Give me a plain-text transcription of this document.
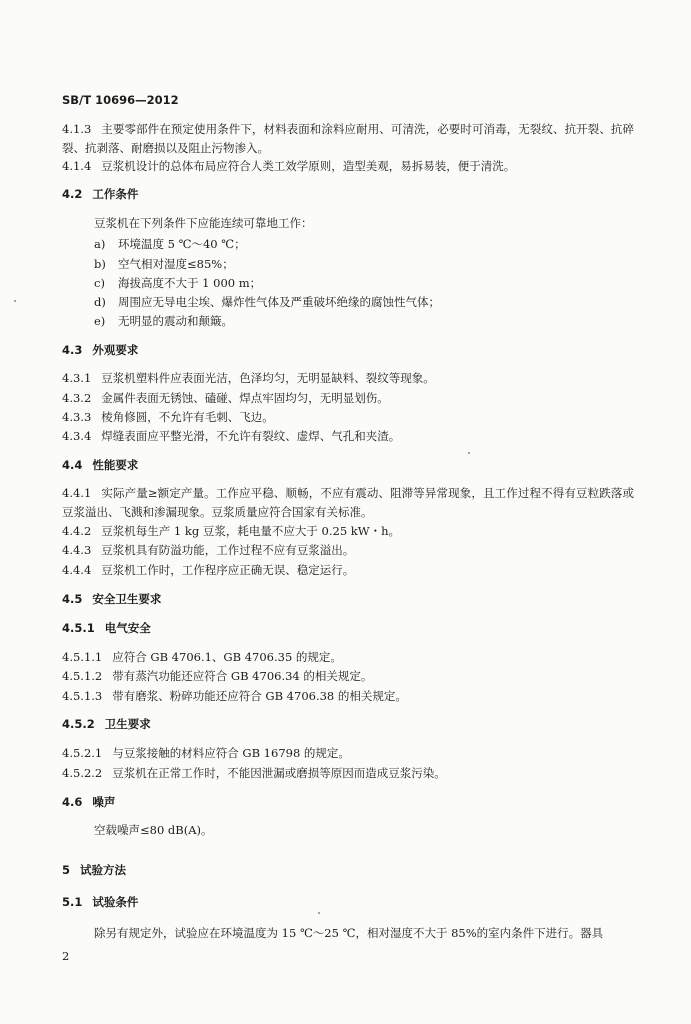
SB/T 10696—2012
4.1.3 主要零部件在预定使用条件下，材料表面和涂料应耐用、可清洗，必要时可消毒，无裂纹、抗开裂、抗碎裂、抗剥落、耐磨损以及阻止污物渗入。
4.1.4 豆浆机设计的总体布局应符合人类工效学原则，造型美观，易拆易装，便于清洗。
4.2 工作条件
豆浆机在下列条件下应能连续可靠地工作：
a) 环境温度 5 ℃～40 ℃；
b) 空气相对湿度≤85%；
c) 海拔高度不大于 1 000 m；
d) 周围应无导电尘埃、爆炸性气体及严重破坏绝缘的腐蚀性气体；
e) 无明显的震动和颠簸。
4.3 外观要求
4.3.1 豆浆机塑料件应表面光洁，色泽均匀，无明显缺料、裂纹等现象。
4.3.2 金属件表面无锈蚀、磕碰、焊点牢固均匀，无明显划伤。
4.3.3 棱角修圆，不允许有毛刺、飞边。
4.3.4 焊缝表面应平整光滑，不允许有裂纹、虚焊、气孔和夹渣。
4.4 性能要求
4.4.1 实际产量≥额定产量。工作应平稳、顺畅，不应有震动、阻滞等异常现象，且工作过程不得有豆粒跌落或豆浆溢出、飞溅和渗漏现象。豆浆质量应符合国家有关标准。
4.4.2 豆浆机每生产 1 kg 豆浆，耗电量不应大于 0.25 kW・h。
4.4.3 豆浆机具有防溢功能，工作过程不应有豆浆溢出。
4.4.4 豆浆机工作时，工作程序应正确无误、稳定运行。
4.5 安全卫生要求
4.5.1 电气安全
4.5.1.1 应符合 GB 4706.1、GB 4706.35 的规定。
4.5.1.2 带有蒸汽功能还应符合 GB 4706.34 的相关规定。
4.5.1.3 带有磨浆、粉碎功能还应符合 GB 4706.38 的相关规定。
4.5.2 卫生要求
4.5.2.1 与豆浆接触的材料应符合 GB 16798 的规定。
4.5.2.2 豆浆机在正常工作时，不能因泄漏或磨损等原因而造成豆浆污染。
4.6 噪声
空载噪声≤80 dB(A)。
5 试验方法
5.1 试验条件
除另有规定外，试验应在环境温度为 15 ℃～25 ℃，相对湿度不大于 85%的室内条件下进行。器具
2
